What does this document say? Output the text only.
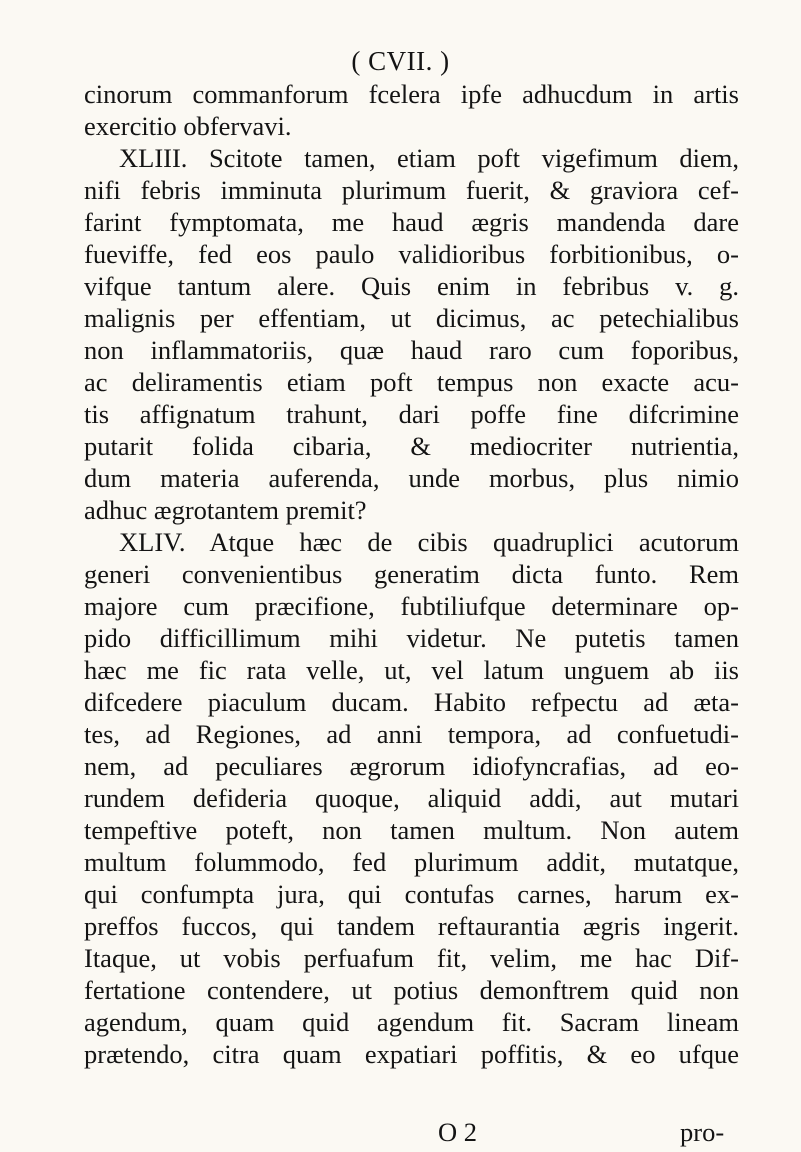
( CVII. )
cinorum commanforum fcelera ipfe adhucdum in artis
exercitio obfervavi.
XLIII. Scitote tamen, etiam poft vigefimum diem,
nifi febris imminuta plurimum fuerit, & graviora cef-
farint fymptomata, me haud ægris mandenda dare
fueviffe, fed eos paulo validioribus forbitionibus, o-
vifque tantum alere. Quis enim in febribus v. g.
malignis per effentiam, ut dicimus, ac petechialibus
non inflammatoriis, quæ haud raro cum foporibus,
ac deliramentis etiam poft tempus non exacte acu-
tis affignatum trahunt, dari poffe fine difcrimine
putarit folida cibaria, & mediocriter nutrientia,
dum materia auferenda, unde morbus, plus nimio
adhuc ægrotantem premit?
XLIV. Atque hæc de cibis quadruplici acutorum
generi convenientibus generatim dicta funto. Rem
majore cum præcifione, fubtiliufque determinare op-
pido difficillimum mihi videtur. Ne putetis tamen
hæc me fic rata velle, ut, vel latum unguem ab iis
difcedere piaculum ducam. Habito refpectu ad æta-
tes, ad Regiones, ad anni tempora, ad confuetudi-
nem, ad peculiares ægrorum idiofyncrafias, ad eo-
rundem defideria quoque, aliquid addi, aut mutari
tempeftive poteft, non tamen multum. Non autem
multum folummodo, fed plurimum addit, mutatque,
qui confumpta jura, qui contufas carnes, harum ex-
preffos fuccos, qui tandem reftaurantia ægris ingerit.
Itaque, ut vobis perfuafum fit, velim, me hac Dif-
fertatione contendere, ut potius demonftrem quid non
agendum, quam quid agendum fit. Sacram lineam
prætendo, citra quam expatiari poffitis, & eo ufque
O 2	pro-
